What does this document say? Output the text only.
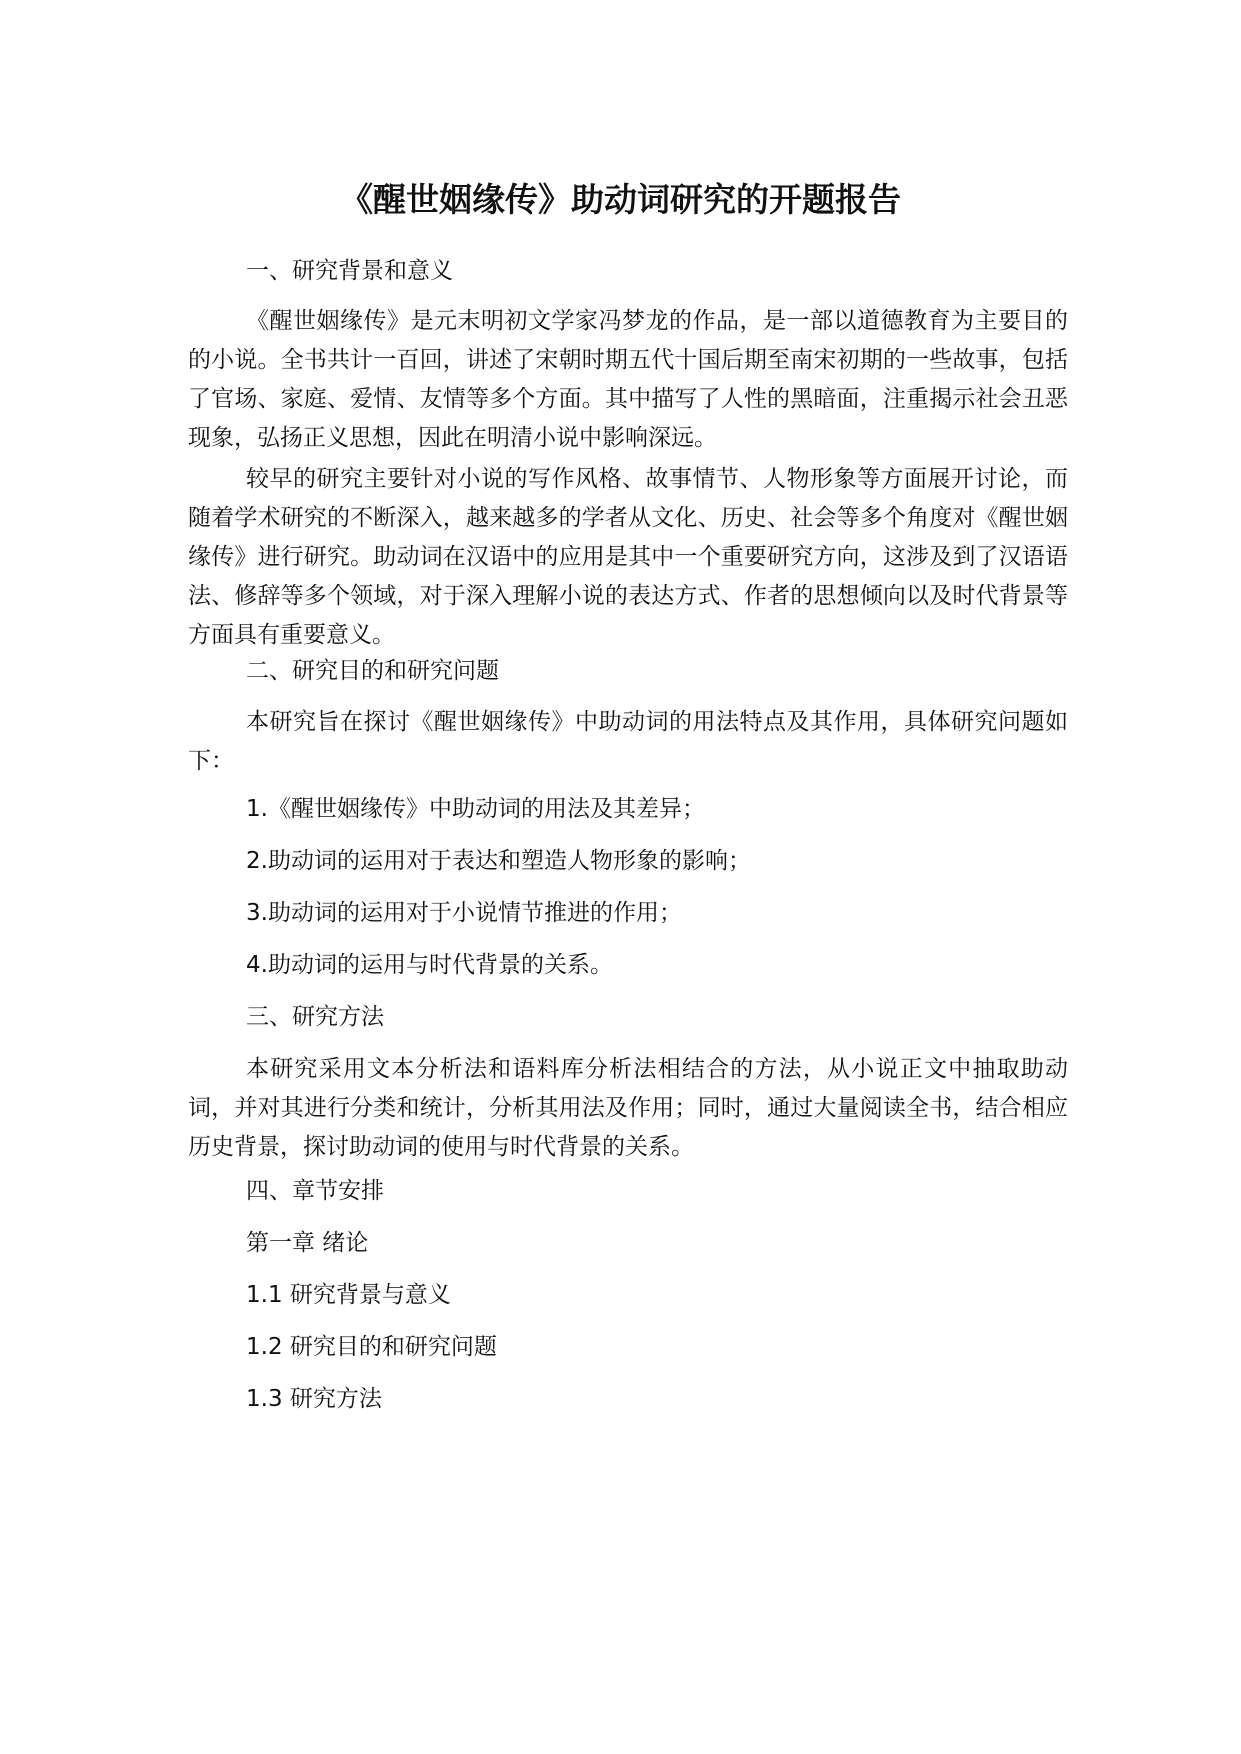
《醒世姻缘传》助动词研究的开题报告

一、研究背景和意义

《醒世姻缘传》是元末明初文学家冯梦龙的作品，是一部以道德教育为主要目的的小说。全书共计一百回，讲述了宋朝时期五代十国后期至南宋初期的一些故事，包括了官场、家庭、爱情、友情等多个方面。其中描写了人性的黑暗面，注重揭示社会丑恶现象，弘扬正义思想，因此在明清小说中影响深远。

较早的研究主要针对小说的写作风格、故事情节、人物形象等方面展开讨论，而随着学术研究的不断深入，越来越多的学者从文化、历史、社会等多个角度对《醒世姻缘传》进行研究。助动词在汉语中的应用是其中一个重要研究方向，这涉及到了汉语语法、修辞等多个领域，对于深入理解小说的表达方式、作者的思想倾向以及时代背景等方面具有重要意义。

二、研究目的和研究问题

本研究旨在探讨《醒世姻缘传》中助动词的用法特点及其作用，具体研究问题如下：

1.《醒世姻缘传》中助动词的用法及其差异；

2.助动词的运用对于表达和塑造人物形象的影响；

3.助动词的运用对于小说情节推进的作用；

4.助动词的运用与时代背景的关系。

三、研究方法

本研究采用文本分析法和语料库分析法相结合的方法，从小说正文中抽取助动词，并对其进行分类和统计，分析其用法及作用；同时，通过大量阅读全书，结合相应历史背景，探讨助动词的使用与时代背景的关系。

四、章节安排

第一章 绪论

1.1 研究背景与意义

1.2 研究目的和研究问题

1.3 研究方法
